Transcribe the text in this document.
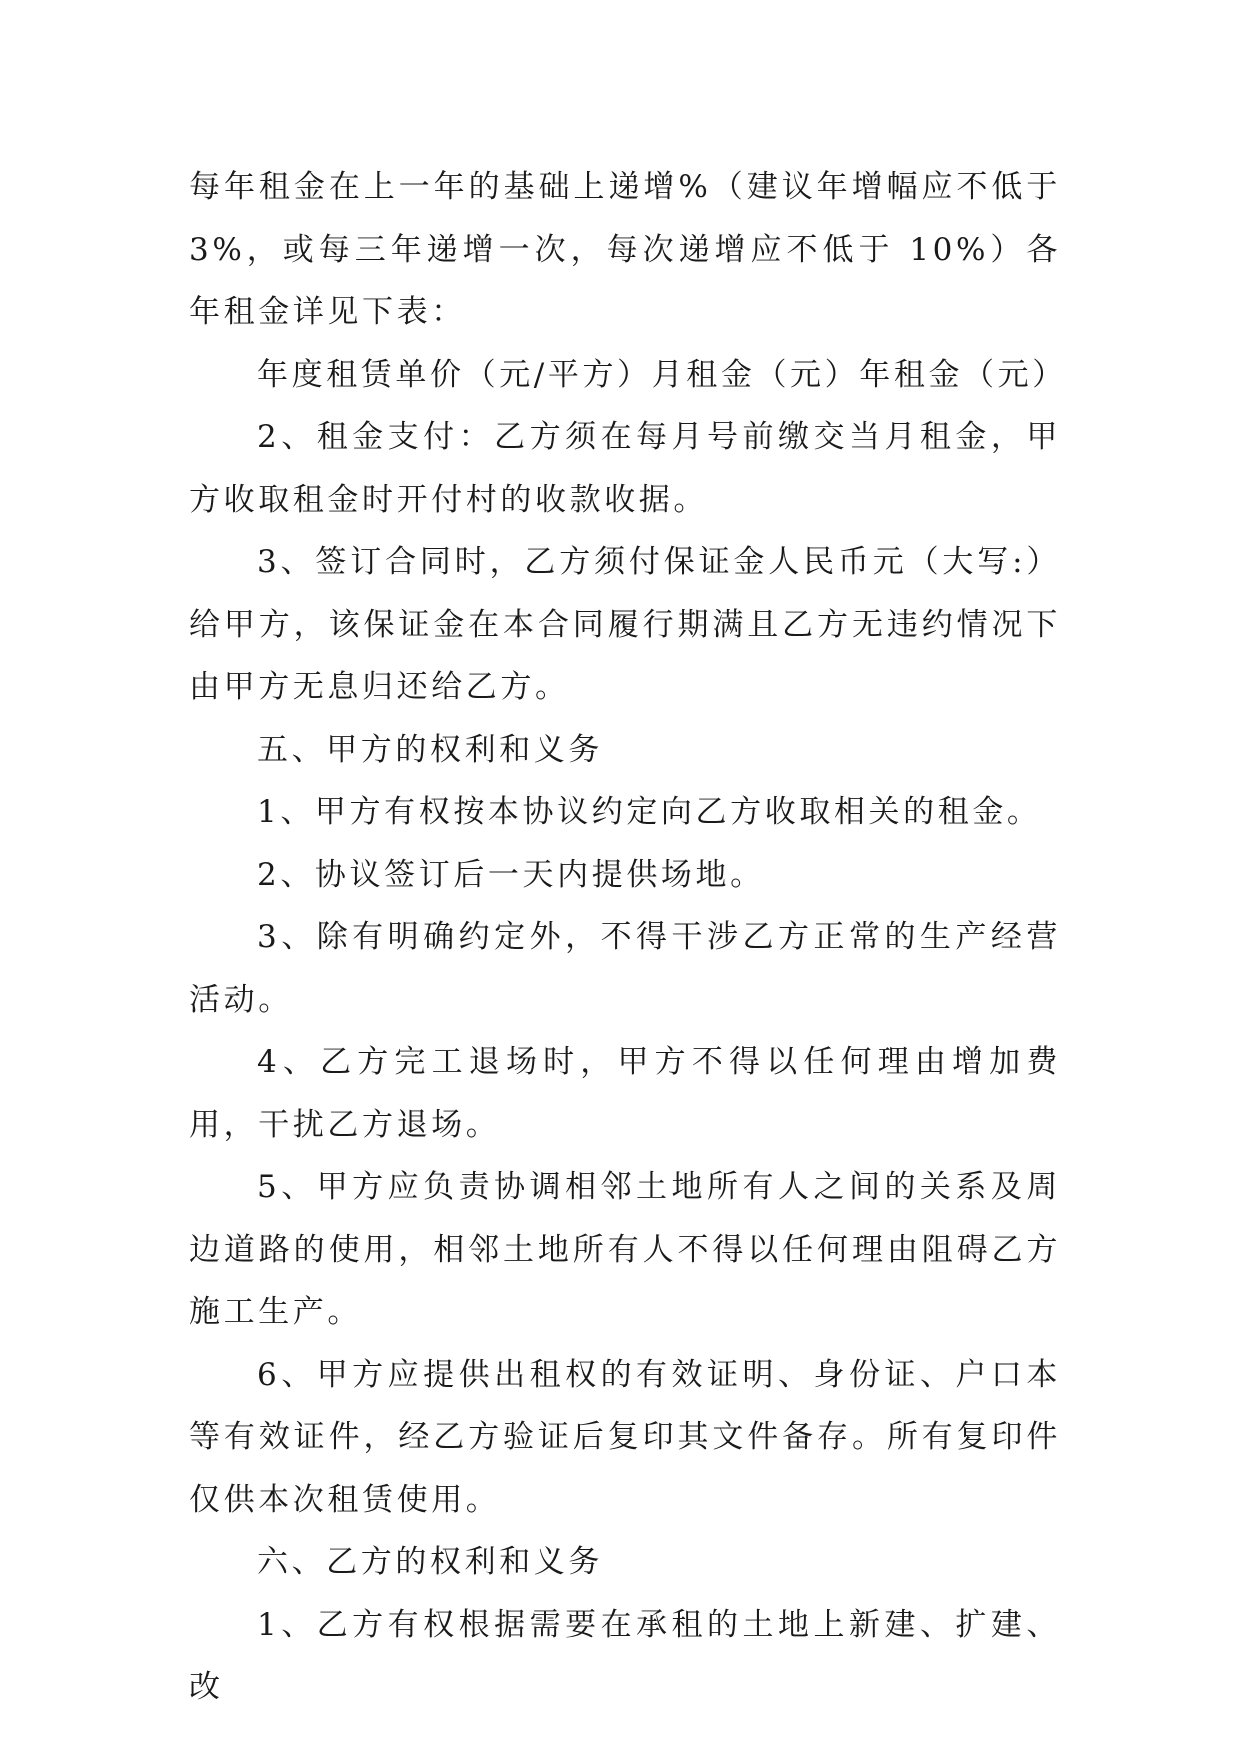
每年租金在上一年的基础上递增%（建议年增幅应不低于 3%，或每三年递增一次，每次递增应不低于 10%）各年租金详见下表：

年度租赁单价（元/平方）月租金（元）年租金（元）

2、租金支付：乙方须在每月号前缴交当月租金，甲方收取租金时开付村的收款收据。

3、签订合同时，乙方须付保证金人民币元（大写:）给甲方，该保证金在本合同履行期满且乙方无违约情况下由甲方无息归还给乙方。

五、甲方的权利和义务

1、甲方有权按本协议约定向乙方收取相关的租金。

2、协议签订后一天内提供场地。

3、除有明确约定外，不得干涉乙方正常的生产经营活动。

4、乙方完工退场时，甲方不得以任何理由增加费用，干扰乙方退场。

5、甲方应负责协调相邻土地所有人之间的关系及周边道路的使用，相邻土地所有人不得以任何理由阻碍乙方施工生产。

6、甲方应提供出租权的有效证明、身份证、户口本等有效证件，经乙方验证后复印其文件备存。所有复印件仅供本次租赁使用。

六、乙方的权利和义务

1、乙方有权根据需要在承租的土地上新建、扩建、改
